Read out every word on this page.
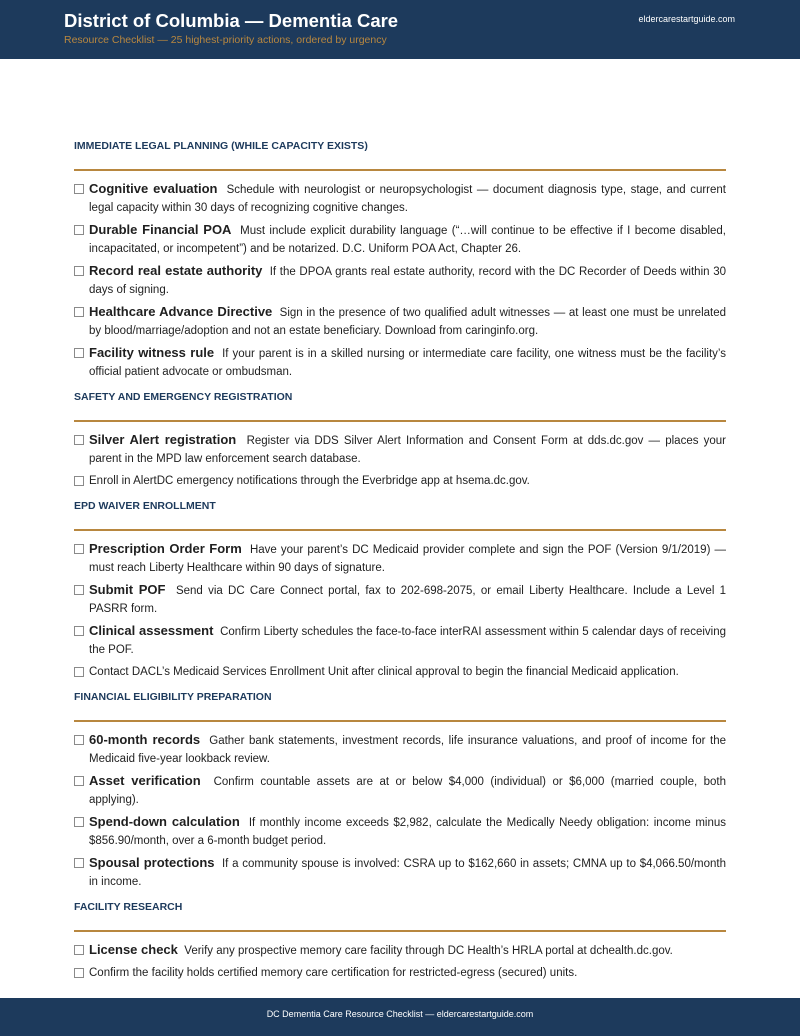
District of Columbia — Dementia Care
Resource Checklist — 25 highest-priority actions, ordered by urgency
eldercarestartguide.com
IMMEDIATE LEGAL PLANNING (WHILE CAPACITY EXISTS)
Cognitive evaluation Schedule with neurologist or neuropsychologist — document diagnosis type, stage, and current legal capacity within 30 days of recognizing cognitive changes.
Durable Financial POA Must include explicit durability language (“…will continue to be effective if I become disabled, incapacitated, or incompetent”) and be notarized. D.C. Uniform POA Act, Chapter 26.
Record real estate authority If the DPOA grants real estate authority, record with the DC Recorder of Deeds within 30 days of signing.
Healthcare Advance Directive Sign in the presence of two qualified adult witnesses — at least one must be unrelated by blood/marriage/adoption and not an estate beneficiary. Download from caringinfo.org.
Facility witness rule If your parent is in a skilled nursing or intermediate care facility, one witness must be the facility’s official patient advocate or ombudsman.
SAFETY AND EMERGENCY REGISTRATION
Silver Alert registration Register via DDS Silver Alert Information and Consent Form at dds.dc.gov — places your parent in the MPD law enforcement search database.
Enroll in AlertDC emergency notifications through the Everbridge app at hsema.dc.gov.
EPD WAIVER ENROLLMENT
Prescription Order Form Have your parent’s DC Medicaid provider complete and sign the POF (Version 9/1/2019) — must reach Liberty Healthcare within 90 days of signature.
Submit POF Send via DC Care Connect portal, fax to 202-698-2075, or email Liberty Healthcare. Include a Level 1 PASRR form.
Clinical assessment Confirm Liberty schedules the face-to-face interRAI assessment within 5 calendar days of receiving the POF.
Contact DACL’s Medicaid Services Enrollment Unit after clinical approval to begin the financial Medicaid application.
FINANCIAL ELIGIBILITY PREPARATION
60-month records Gather bank statements, investment records, life insurance valuations, and proof of income for the Medicaid five-year lookback review.
Asset verification Confirm countable assets are at or below $4,000 (individual) or $6,000 (married couple, both applying).
Spend-down calculation If monthly income exceeds $2,982, calculate the Medically Needy obligation: income minus $856.90/month, over a 6-month budget period.
Spousal protections If a community spouse is involved: CSRA up to $162,660 in assets; CMNA up to $4,066.50/month in income.
FACILITY RESEARCH
License check Verify any prospective memory care facility through DC Health’s HRLA portal at dchealth.dc.gov.
Confirm the facility holds certified memory care certification for restricted-egress (secured) units.
DC Dementia Care Resource Checklist — eldercarestartguide.com
